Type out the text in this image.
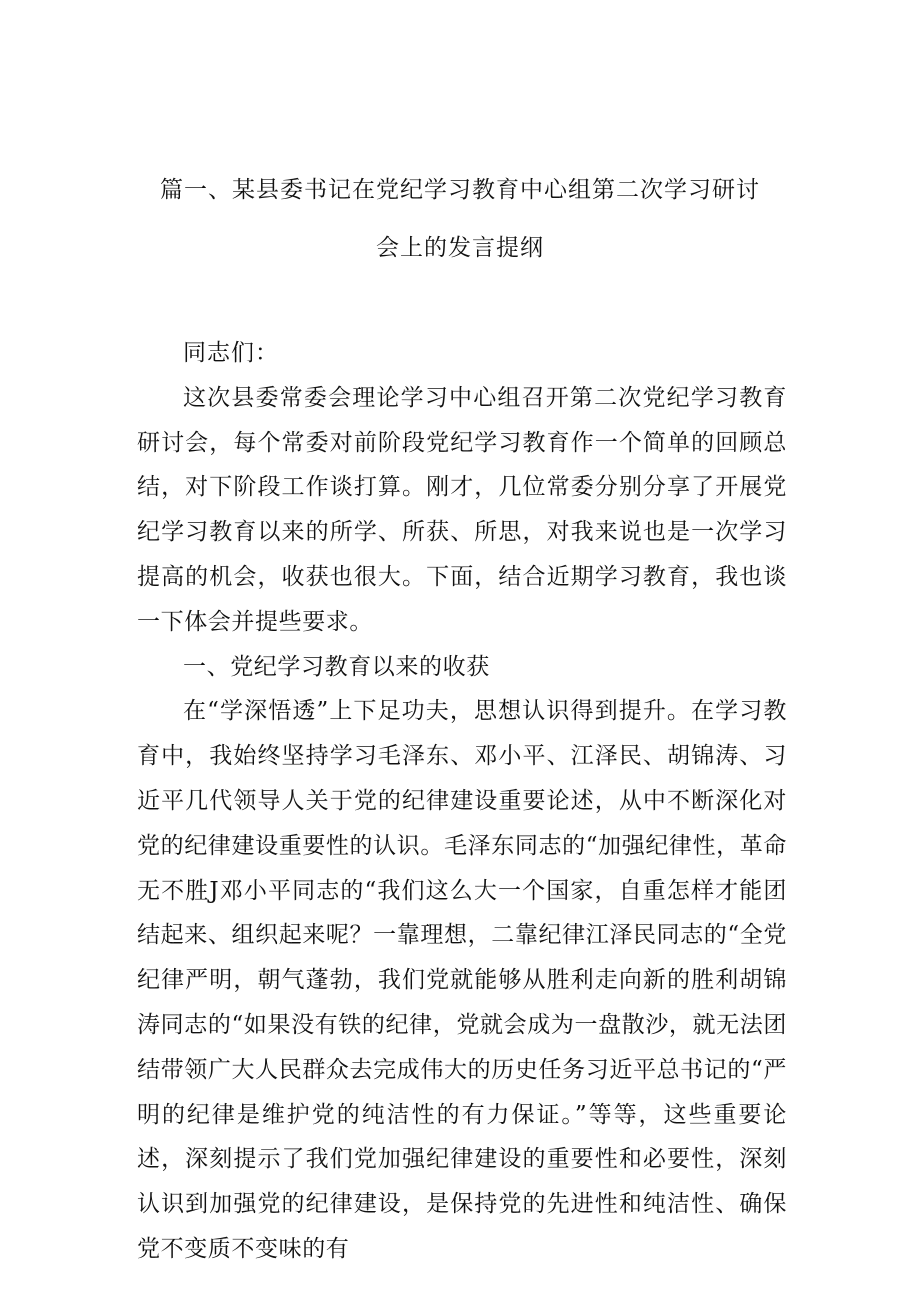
篇一、某县委书记在党纪学习教育中心组第二次学习研讨
会上的发言提纲

同志们：

这次县委常委会理论学习中心组召开第二次党纪学习教育研讨会，每个常委对前阶段党纪学习教育作一个简单的回顾总结，对下阶段工作谈打算。刚才，几位常委分别分享了开展党纪学习教育以来的所学、所获、所思，对我来说也是一次学习提高的机会，收获也很大。下面，结合近期学习教育，我也谈一下体会并提些要求。

一、党纪学习教育以来的收获

在“学深悟透”上下足功夫，思想认识得到提升。在学习教育中，我始终坚持学习毛泽东、邓小平、江泽民、胡锦涛、习近平几代领导人关于党的纪律建设重要论述，从中不断深化对党的纪律建设重要性的认识。毛泽东同志的“加强纪律性，革命无不胜J邓小平同志的“我们这么大一个国家，自重怎样才能团结起来、组织起来呢？一靠理想，二靠纪律江泽民同志的“全党纪律严明，朝气蓬勃，我们党就能够从胜利走向新的胜利胡锦涛同志的“如果没有铁的纪律，党就会成为一盘散沙，就无法团结带领广大人民群众去完成伟大的历史任务习近平总书记的“严明的纪律是维护党的纯洁性的有力保证。”等等，这些重要论述，深刻提示了我们党加强纪律建设的重要性和必要性，深刻认识到加强党的纪律建设，是保持党的先进性和纯洁性、确保党不变质不变味的有
